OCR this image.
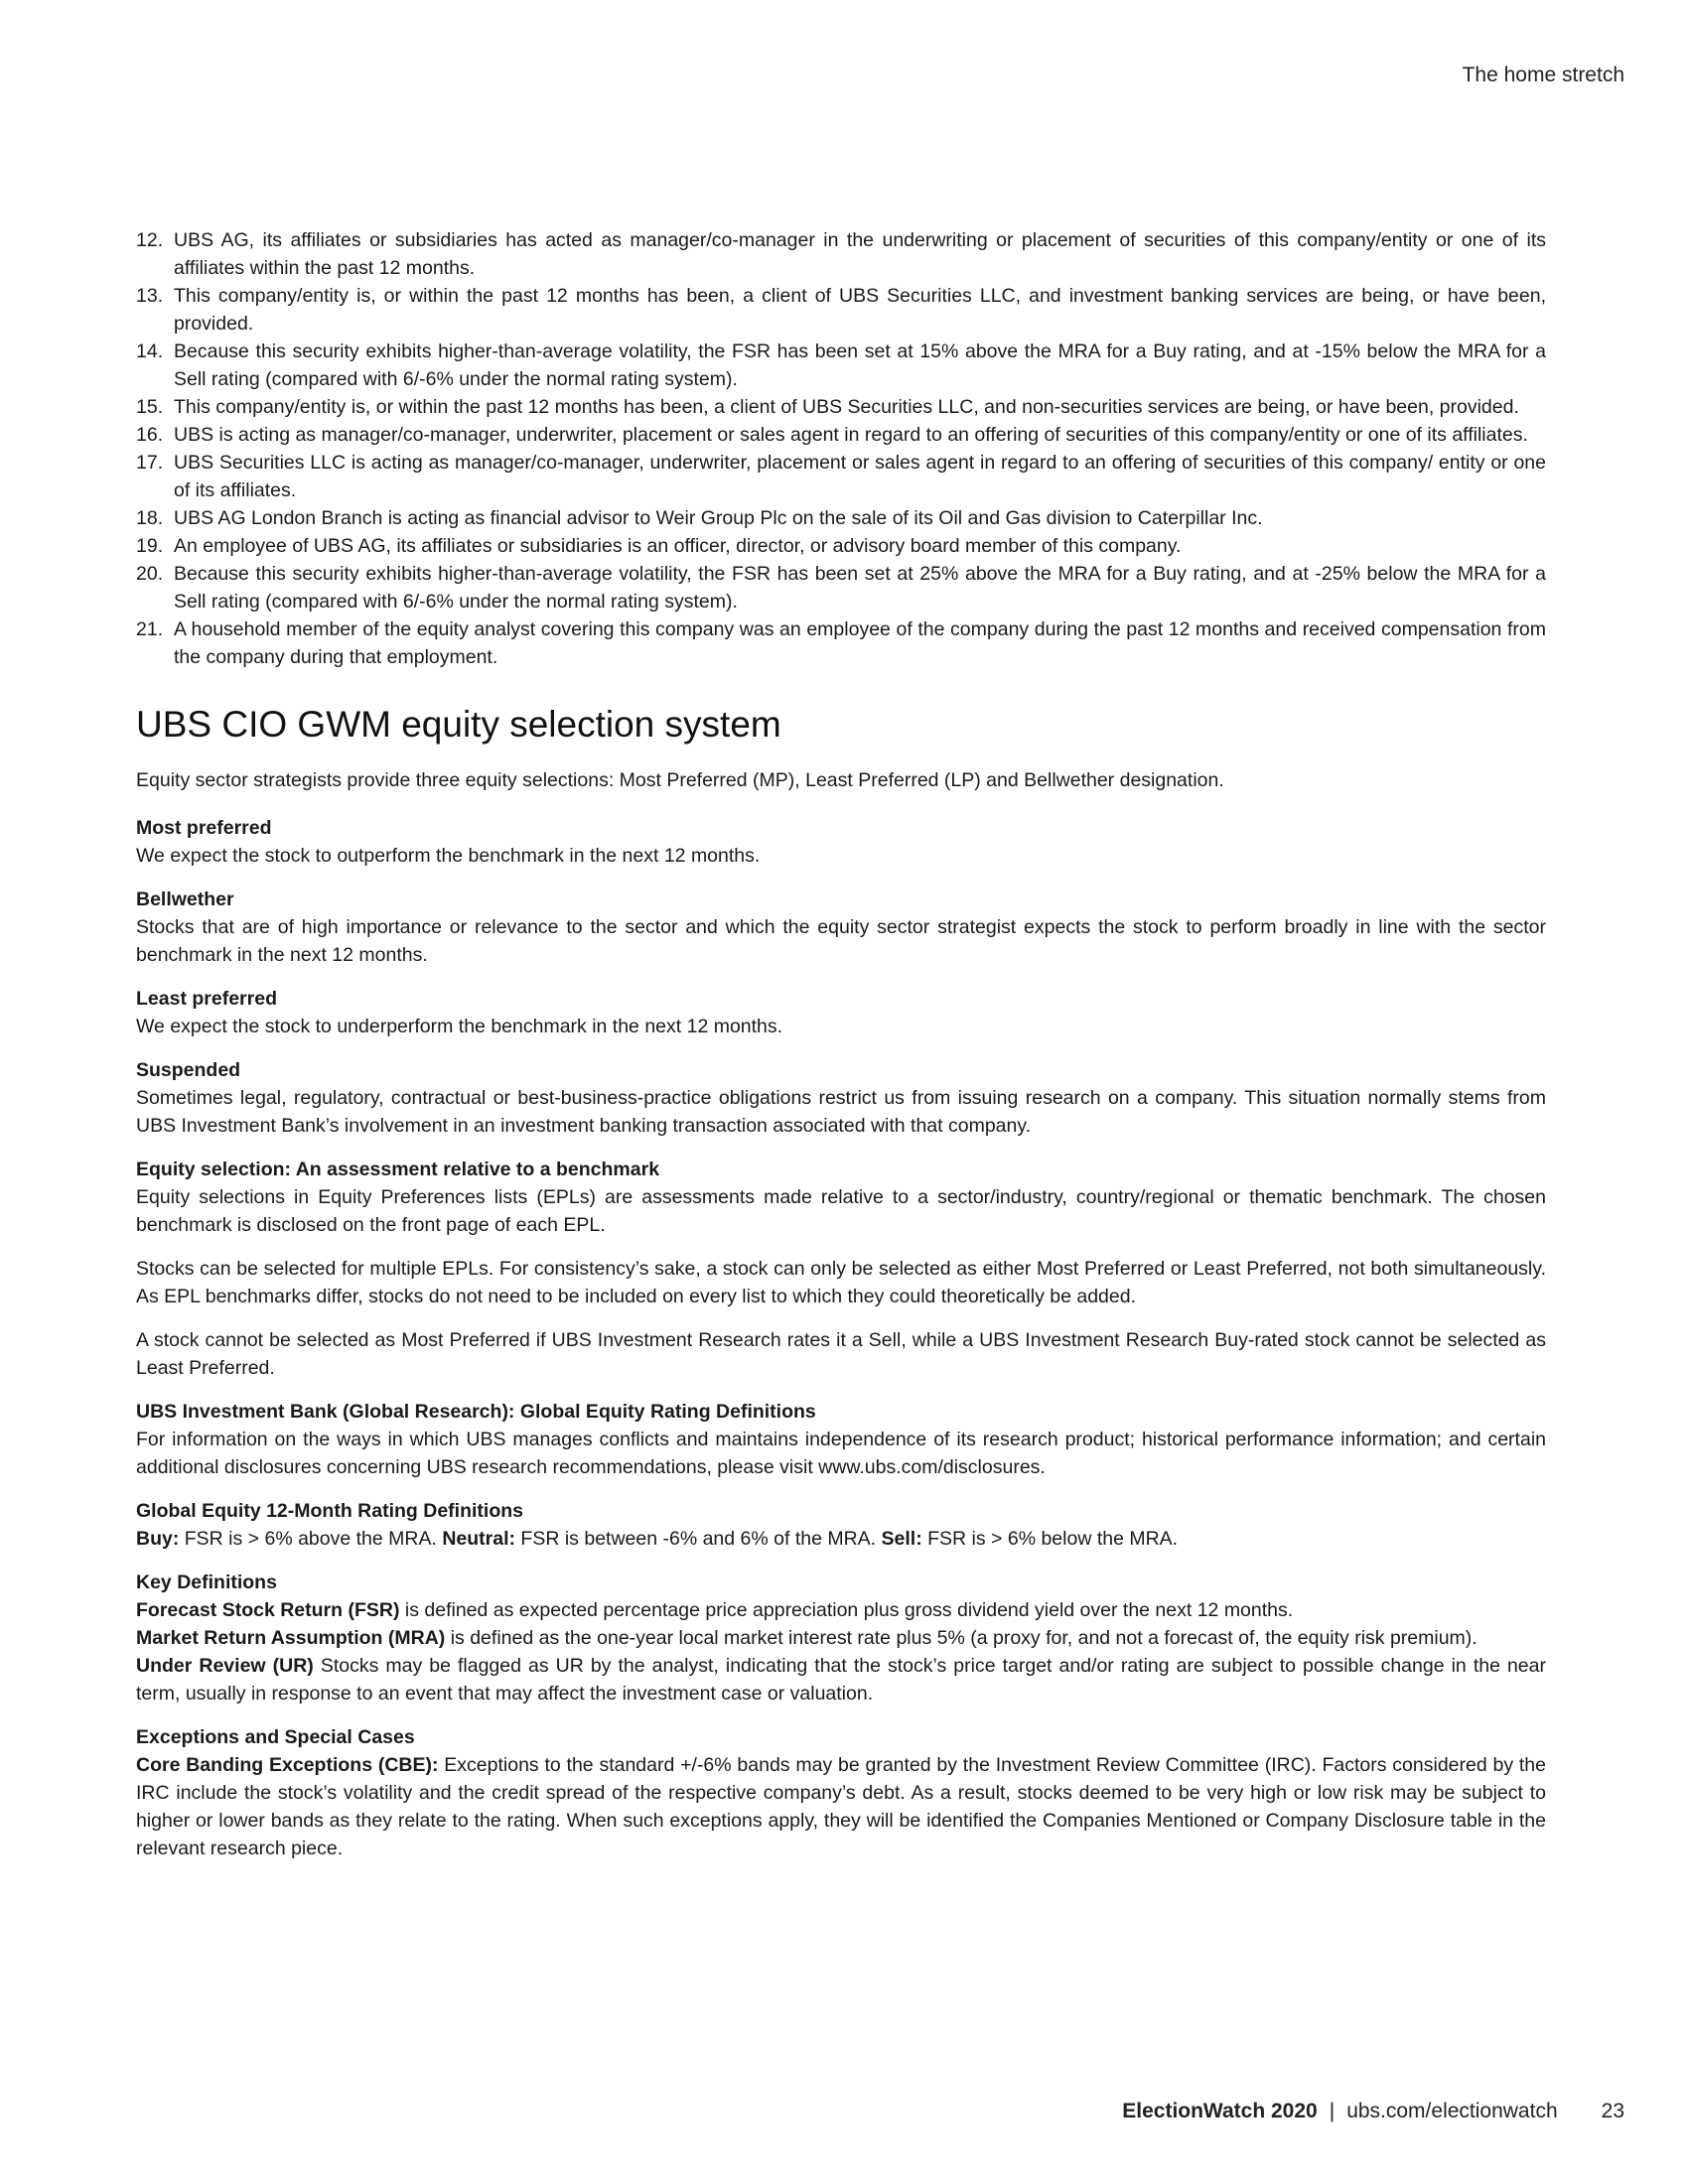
The home stretch
12. UBS AG, its affiliates or subsidiaries has acted as manager/co-manager in the underwriting or placement of securities of this company/entity or one of its affiliates within the past 12 months.
13. This company/entity is, or within the past 12 months has been, a client of UBS Securities LLC, and investment banking services are being, or have been, provided.
14. Because this security exhibits higher-than-average volatility, the FSR has been set at 15% above the MRA for a Buy rating, and at -15% below the MRA for a Sell rating (compared with 6/-6% under the normal rating system).
15. This company/entity is, or within the past 12 months has been, a client of UBS Securities LLC, and non-securities services are being, or have been, provided.
16. UBS is acting as manager/co-manager, underwriter, placement or sales agent in regard to an offering of securities of this company/entity or one of its affiliates.
17. UBS Securities LLC is acting as manager/co-manager, underwriter, placement or sales agent in regard to an offering of securities of this company/ entity or one of its affiliates.
18. UBS AG London Branch is acting as financial advisor to Weir Group Plc on the sale of its Oil and Gas division to Caterpillar Inc.
19. An employee of UBS AG, its affiliates or subsidiaries is an officer, director, or advisory board member of this company.
20. Because this security exhibits higher-than-average volatility, the FSR has been set at 25% above the MRA for a Buy rating, and at -25% below the MRA for a Sell rating (compared with 6/-6% under the normal rating system).
21. A household member of the equity analyst covering this company was an employee of the company during the past 12 months and received compensation from the company during that employment.
UBS CIO GWM equity selection system

Equity sector strategists provide three equity selections: Most Preferred (MP), Least Preferred (LP) and Bellwether designation.

Most preferred

We expect the stock to outperform the benchmark in the next 12 months.

Bellwether

Stocks that are of high importance or relevance to the sector and which the equity sector strategist expects the stock to perform broadly in line with the sector benchmark in the next 12 months.

Least preferred

We expect the stock to underperform the benchmark in the next 12 months.

Suspended

Sometimes legal, regulatory, contractual or best-business-practice obligations restrict us from issuing research on a company. This situation normally stems from UBS Investment Bank’s involvement in an investment banking transaction associated with that company.

Equity selection: An assessment relative to a benchmark

Equity selections in Equity Preferences lists (EPLs) are assessments made relative to a sector/industry, country/regional or thematic benchmark. The chosen benchmark is disclosed on the front page of each EPL.

Stocks can be selected for multiple EPLs. For consistency’s sake, a stock can only be selected as either Most Preferred or Least Preferred, not both simultaneously. As EPL benchmarks differ, stocks do not need to be included on every list to which they could theoretically be added.

A stock cannot be selected as Most Preferred if UBS Investment Research rates it a Sell, while a UBS Investment Research Buy-rated stock cannot be selected as Least Preferred.

UBS Investment Bank (Global Research): Global Equity Rating Definitions

For information on the ways in which UBS manages conflicts and maintains independence of its research product; historical performance information; and certain additional disclosures concerning UBS research recommendations, please visit www.ubs.com/disclosures.

Global Equity 12-Month Rating Definitions

Buy: FSR is > 6% above the MRA. Neutral: FSR is between -6% and 6% of the MRA. Sell: FSR is > 6% below the MRA.

Key Definitions

Forecast Stock Return (FSR) is defined as expected percentage price appreciation plus gross dividend yield over the next 12 months.

Market Return Assumption (MRA) is defined as the one-year local market interest rate plus 5% (a proxy for, and not a forecast of, the equity risk premium).

Under Review (UR) Stocks may be flagged as UR by the analyst, indicating that the stock’s price target and/or rating are subject to possible change in the near term, usually in response to an event that may affect the investment case or valuation.

Exceptions and Special Cases

Core Banding Exceptions (CBE): Exceptions to the standard +/-6% bands may be granted by the Investment Review Committee (IRC). Factors considered by the IRC include the stock’s volatility and the credit spread of the respective company’s debt. As a result, stocks deemed to be very high or low risk may be subject to higher or lower bands as they relate to the rating. When such exceptions apply, they will be identified the Companies Mentioned or Company Disclosure table in the relevant research piece.

ElectionWatch 2020 | ubs.com/electionwatch 23
